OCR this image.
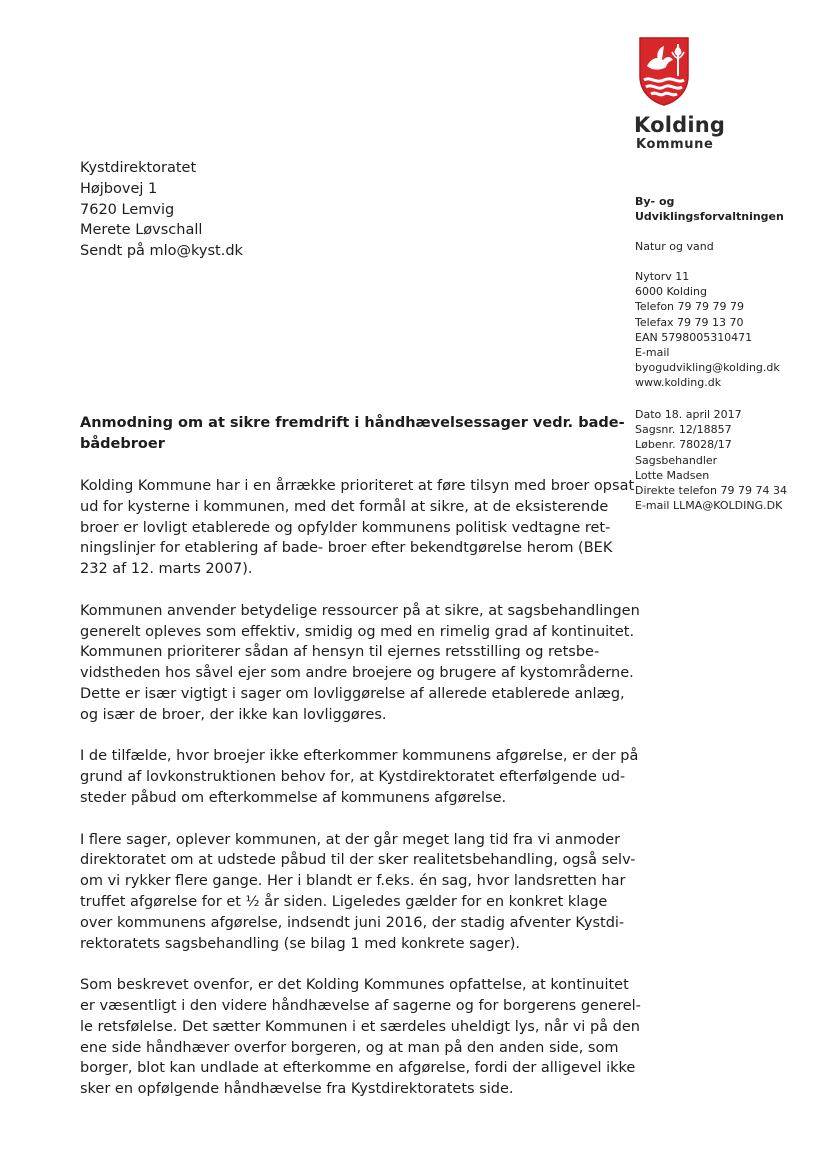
Kolding
Kommune
Kystdirektoratet
Højbovej 1
7620 Lemvig
Merete Løvschall
Sendt på mlo@kyst.dk
By- og
Udviklingsforvaltningen
Natur og vand
Nytorv 11
6000 Kolding
Telefon 79 79 79 79
Telefax 79 79 13 70
EAN 5798005310471
E-mail
byogudvikling@kolding.dk
www.kolding.dk
Dato 18. april 2017
Sagsnr. 12/18857
Løbenr. 78028/17
Sagsbehandler
Lotte Madsen
Direkte telefon 79 79 74 34
E-mail LLMA@KOLDING.DK
Anmodning om at sikre fremdrift i håndhævelsessager vedr. bade-
bådebroer
Kolding Kommune har i en årrække prioriteret at føre tilsyn med broer opsat
ud for kysterne i kommunen, med det formål at sikre, at de eksisterende
broer er lovligt etablerede og opfylder kommunens politisk vedtagne ret-
ningslinjer for etablering af bade- broer efter bekendtgørelse herom (BEK
232 af 12. marts 2007).
Kommunen anvender betydelige ressourcer på at sikre, at sagsbehandlingen
generelt opleves som effektiv, smidig og med en rimelig grad af kontinuitet.
Kommunen prioriterer sådan af hensyn til ejernes retsstilling og retsbe-
vidstheden hos såvel ejer som andre broejere og brugere af kystområderne.
Dette er især vigtigt i sager om lovliggørelse af allerede etablerede anlæg,
og især de broer, der ikke kan lovliggøres.
I de tilfælde, hvor broejer ikke efterkommer kommunens afgørelse, er der på
grund af lovkonstruktionen behov for, at Kystdirektoratet efterfølgende ud-
steder påbud om efterkommelse af kommunens afgørelse.
I flere sager, oplever kommunen, at der går meget lang tid fra vi anmoder
direktoratet om at udstede påbud til der sker realitetsbehandling, også selv-
om vi rykker flere gange. Her i blandt er f.eks. én sag, hvor landsretten har
truffet afgørelse for et ½ år siden. Ligeledes gælder for en konkret klage
over kommunens afgørelse, indsendt juni 2016, der stadig afventer Kystdi-
rektoratets sagsbehandling (se bilag 1 med konkrete sager).
Som beskrevet ovenfor, er det Kolding Kommunes opfattelse, at kontinuitet
er væsentligt i den videre håndhævelse af sagerne og for borgerens generel-
le retsfølelse. Det sætter Kommunen i et særdeles uheldigt lys, når vi på den
ene side håndhæver overfor borgeren, og at man på den anden side, som
borger, blot kan undlade at efterkomme en afgørelse, fordi der alligevel ikke
sker en opfølgende håndhævelse fra Kystdirektoratets side.
